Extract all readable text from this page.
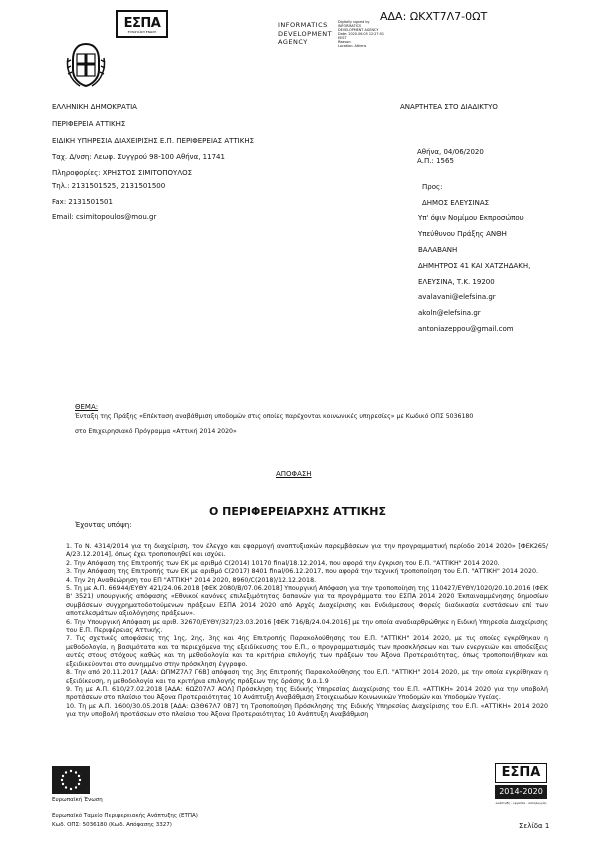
ΑΔΑ: ΩΚΧΤ7Λ7-0ΩΤ
ΕΣΠΑ
ΕΥΡΩΠΑΪΚΗ ΕΝΩΣΗ
INFORMATICS
DEVELOPMENT
AGENCY
Digitally signed by
INFORMATICS
DEVELOPMENT AGENCY
Date: 2020.06.05 12:27:01
EEST
Reason:
Location: Athens
ΕΛΛΗΝΙΚΗ ΔΗΜΟΚΡΑΤΙΑ
ΠΕΡΙΦΕΡΕΙΑ ΑΤΤΙΚΗΣ
ΕΙΔΙΚΗ ΥΠΗΡΕΣΙΑ ΔΙΑΧΕΙΡΙΣΗΣ Ε.Π. ΠΕΡΙΦΕΡΕΙΑΣ ΑΤΤΙΚΗΣ
Ταχ. Δ/νση: Λεωφ. Συγγρού 98-100 Αθήνα, 11741
Πληροφορίες: ΧΡΗΣΤΟΣ ΣΙΜΙΤΟΠΟΥΛΟΣ
Τηλ.: 2131501525, 2131501500
Fax: 2131501501
Email: csimitopoulos@mou.gr
ΑΝΑΡΤΗΤΕΑ ΣΤΟ ΔΙΑΔΙΚΤΥΟ
Αθήνα, 04/06/2020
Α.Π.: 1565
Προς:
ΔΗΜΟΣ ΕΛΕΥΣΙΝΑΣ
Υπ' όψιν Νομίμου Εκπροσώπου
Υπεύθυνου Πράξης ΑΝΘΗ
ΒΑΛΑΒΑΝΗ
ΔΗΜΗΤΡΟΣ 41 ΚΑΙ ΧΑΤΖΗΔΑΚΗ,
ΕΛΕΥΣΙΝΑ, Τ.Κ. 19200
avalavani@elefsina.gr
akoln@elefsina.gr
antoniazeppou@gmail.com
ΘΕΜΑ:
Ένταξη της Πράξης «Επέκταση αναβάθμιση υποδομών στις οποίες παρέχονται κοινωνικές υπηρεσίες» με Κωδικό ΟΠΣ 5036180
στο Επιχειρησιακό Πρόγραμμα «Αττική 2014 2020»
ΑΠΟΦΑΣΗ
Ο ΠΕΡΙΦΕΡΕΙΑΡΧΗΣ ΑΤΤΙΚΗΣ
Έχοντας υπόψη:
1. Το Ν. 4314/2014 για τη διαχείριση, τον έλεγχο και εφαρμογή αναπτυξιακών παρεμβάσεων για την προγραμματική περίοδο 2014 2020» [ΦΕΚ265/Α/23.12.2014], όπως έχει τροποποιηθεί και ισχύει.
2. Την Απόφαση της Επιτροπής των ΕΚ με αριθμό C(2014) 10170 final/18.12.2014, που αφορά την έγκριση του Ε.Π. "ΑΤΤΙΚΗ" 2014 2020.
3. Την Απόφαση της Επιτροπής των ΕΚ με αριθμό C(2017) 8401 final/06.12.2017, που αφορά την τεχνική τροποποίηση του Ε.Π. "ΑΤΤΙΚΗ" 2014 2020.
4. Την 2η Αναθεώρηση του ΕΠ "ΑΤΤΙΚΗ" 2014 2020, 8960/C(2018)/12.12.2018.
5. Τη με Α.Π. 66944/ΕΥΘΥ 421/24.06.2018 [ΦΕΚ 2080/Β/07.06.2018] Υπουργική Απόφαση για την τροποποίηση της 110427/ΕΥΘΥ/1020/20.10.2016 (ΦΕΚ Β' 3521) υπουργικής απόφασης «Εθνικοί κανόνες επιλεξιμότητας δαπανών για τα προγράμματα του ΕΣΠΑ 2014 2020 Έκπαιναμμένησης δημοσίων συμβάσεων συγχρηματοδοτούμενων πράξεων ΕΣΠΑ 2014 2020 από Αρχές Διαχείρισης και Ενδιάμεσους Φορείς διαδικασία ενστάσεων επί των αποτελεσμάτων αξιολόγησης πράξεων».
6. Την Υπουργική Απόφαση με αριθ. 32670/ΕΥΘΥ/327/23.03.2016 [ΦΕΚ 716/Β/24.04.2016] με την οποία αναδιαρθρώθηκε η Ειδική Υπηρεσία Διαχείρισης του Ε.Π. Περιφέρειας Αττικής.
7. Τις σχετικές αποφάσεις της 1ης, 2ης, 3ης και 4ης Επιτροπής Παρακολούθησης του Ε.Π. "ΑΤΤΙΚΗ" 2014 2020, με τις οποίες εγκρίθηκαν η μεθοδολογία, η βασιμότατα και τα περιεχόμενα της εξειδίκευσης του Ε.Π., ο προγραμματισμός των προσκλήσεων και των ενεργειών και αποδείξεις αυτές στους στόχους καθώς και τη μεθοδολογία και τα κριτήρια επιλογής των πράξεων του Άξονα Προτεραιότητας, όπως τροποποιήθηκαν και εξειδικεύονται στο συνημμένο στην πρόσκληση έγγραφο.
8. Την από 20.11.2017 [ΑΔΑ: ΩΠΜΖ7Λ7 Γ6Β] απόφαση της 3ης Επιτροπής Παρακολούθησης του Ε.Π. "ΑΤΤΙΚΗ" 2014 2020, με την οποία εγκρίθηκαν η εξειδίκευση, η μεθοδολογία και τα κριτήρια επιλογής πράξεων της δράσης 9.α.1.9
9. Τη με Α.Π. 610/27.02.2018 [ΑΔΑ: 6ΩΖ07Λ7 ΑΟΛ] Πρόσκληση της Ειδικής Υπηρεσίας Διαχείρισης του Ε.Π. «ΑΤΤΙΚΗ» 2014 2020 για την υποβολή προτάσεων στο πλαίσιο του Άξονα Προτεραιότητας 10 Ανάπτυξη Αναβάθμιση Στοιχειωδων Κοινωνικών Υποδομών και Υποδομών Υγείας.
10. Τη με Α.Π. 1600/30.05.2018 [ΑΔΑ: Ω3Θ67Λ7 0Β7] τη Τροποποίηση Πρόσκλησης της Ειδικής Υπηρεσίας Διαχείρισης του Ε.Π. «ΑΤΤΙΚΗ» 2014 2020 για την υποβολή προτάσεων στο πλαίσιο του Άξονα Προτεραιότητας 10 Ανάπτυξη Αναβάθμιση
Ευρωπαϊκή Ένωση
Ευρωπαϊκό Ταμείο Περιφερειακής Ανάπτυξης (ΕΤΠΑ)
Κωδ. ΟΠΣ: 5036180 (Κωδ. Απόφασης 3327)
ΕΣΠΑ
2014-2020
ανάπτυξη - εργασία - αλληλεγγύη
Σελίδα 1
